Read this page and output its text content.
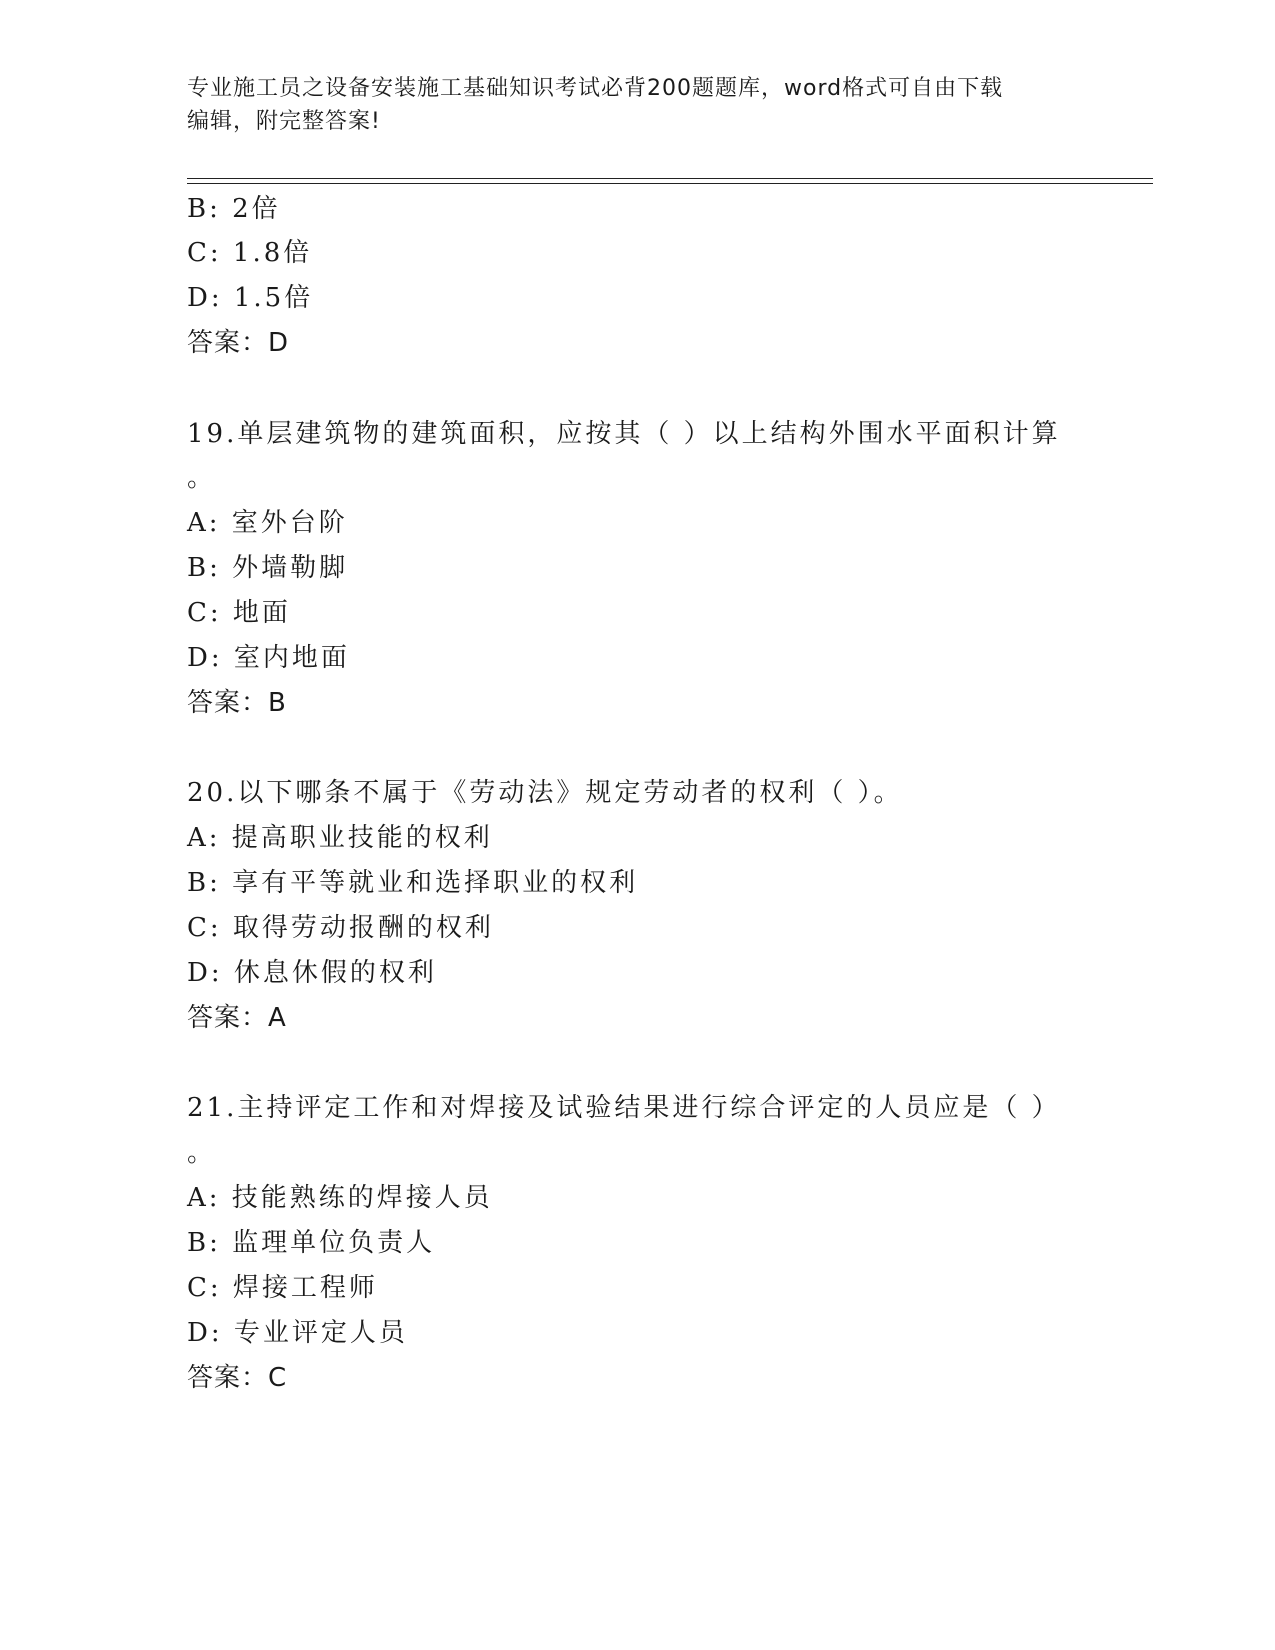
专业施工员之设备安装施工基础知识考试必背200题题库，word格式可自由下载
编辑，附完整答案!
B: 2倍
C: 1.8倍
D: 1.5倍
答案：D
19.单层建筑物的建筑面积，应按其（ ）以上结构外围水平面积计算
。
A: 室外台阶
B: 外墙勒脚
C: 地面
D: 室内地面
答案：B
20.以下哪条不属于《劳动法》规定劳动者的权利（ ）。
A: 提高职业技能的权利
B: 享有平等就业和选择职业的权利
C: 取得劳动报酬的权利
D: 休息休假的权利
答案：A
21.主持评定工作和对焊接及试验结果进行综合评定的人员应是（ ）
。
A: 技能熟练的焊接人员
B: 监理单位负责人
C: 焊接工程师
D: 专业评定人员
答案：C
